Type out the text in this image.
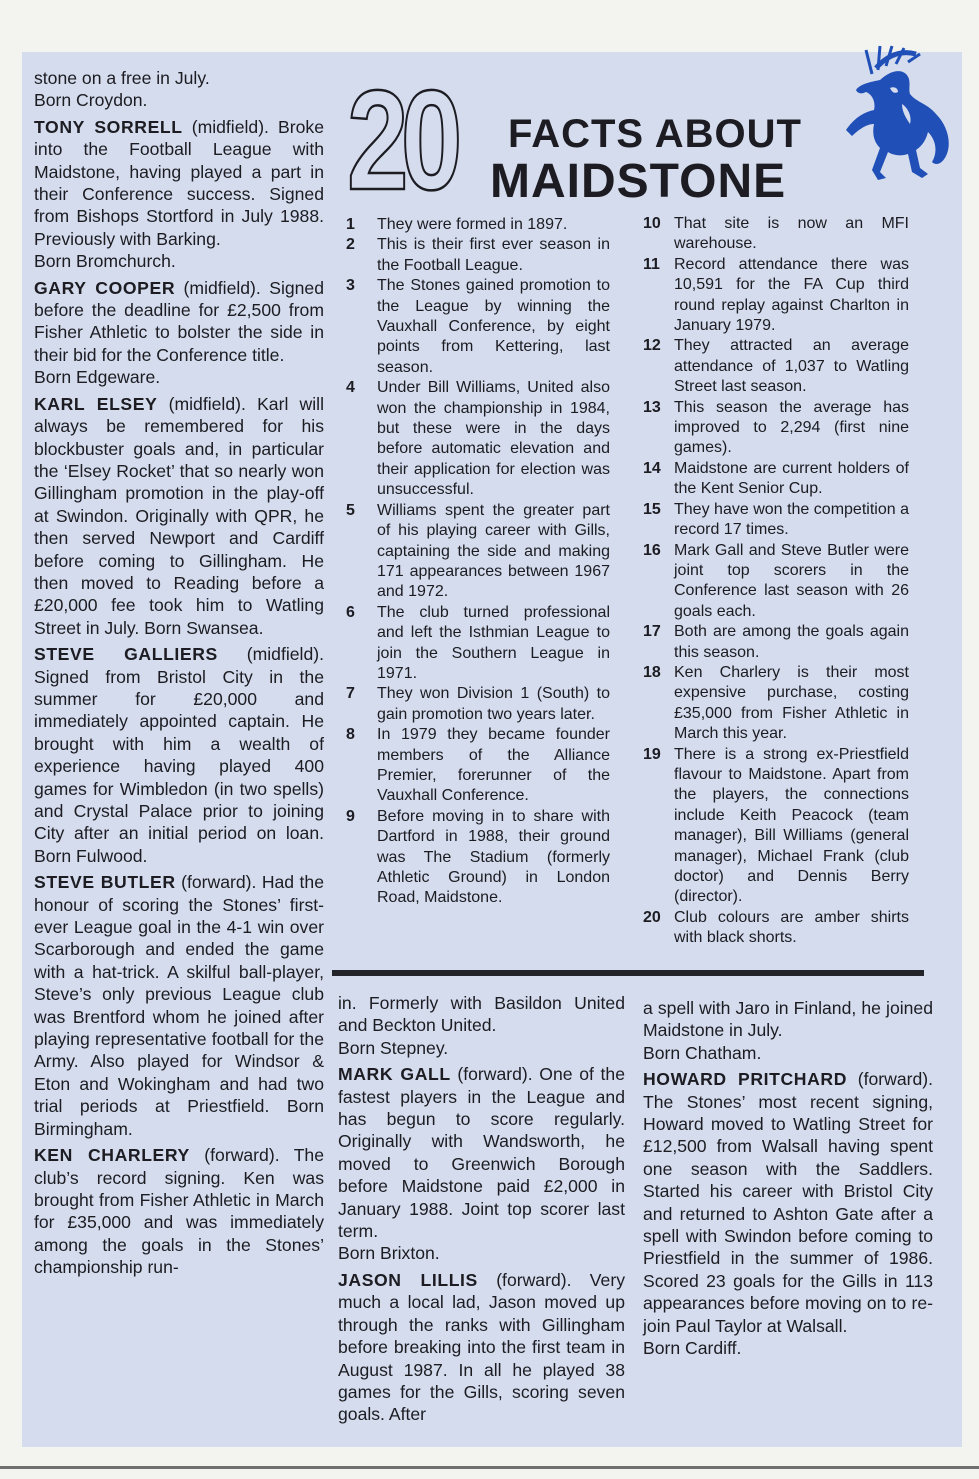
20 FACTS ABOUT
MAIDSTONE

stone on a free in July.
Born Croydon.

TONY SORRELL (midfield). Broke into the Football League with Maidstone, having played a part in their Conference success. Signed from Bishops Stortford in July 1988. Previously with Barking.
Born Bromchurch.

GARY COOPER (midfield). Signed before the deadline for £2,500 from Fisher Athletic to bolster the side in their bid for the Conference title.
Born Edgeware.

KARL ELSEY (midfield). Karl will always be remembered for his blockbuster goals and, in particular the ‘Elsey Rocket’ that so nearly won Gillingham promotion in the play-off at Swindon. Originally with QPR, he then served Newport and Cardiff before coming to Gillingham. He then moved to Reading before a £20,000 fee took him to Watling Street in July. Born Swansea.

STEVE GALLIERS (midfield). Signed from Bristol City in the summer for £20,000 and immediately appointed captain. He brought with him a wealth of experience having played 400 games for Wimbledon (in two spells) and Crystal Palace prior to joining City after an initial period on loan. Born Fulwood.

STEVE BUTLER (forward). Had the honour of scoring the Stones’ first-ever League goal in the 4-1 win over Scarborough and ended the game with a hat-trick. A skilful ball-player, Steve’s only previous League club was Brentford whom he joined after playing representative football for the Army. Also played for Windsor & Eton and Wokingham and had two trial periods at Priestfield. Born Birmingham.

KEN CHARLERY (forward). The club’s record signing. Ken was brought from Fisher Athletic in March for £35,000 and was immediately among the goals in the Stones’ championship run-

1	They were formed in 1897.
2	This is their first ever season in the Football League.
3	The Stones gained promotion to the League by winning the Vauxhall Conference, by eight points from Kettering, last season.
4	Under Bill Williams, United also won the championship in 1984, but these were in the days before automatic elevation and their application for election was unsuccessful.
5	Williams spent the greater part of his playing career with Gills, captaining the side and making 171 appearances between 1967 and 1972.
6	The club turned professional and left the Isthmian League to join the Southern League in 1971.
7	They won Division 1 (South) to gain promotion two years later.
8	In 1979 they became founder members of the Alliance Premier, forerunner of the Vauxhall Conference.
9	Before moving in to share with Dartford in 1988, their ground was The Stadium (formerly Athletic Ground) in London Road, Maidstone.
10 That site is now an MFI warehouse.
11 Record attendance there was 10,591 for the FA Cup third round replay against Charlton in January 1979.
12 They attracted an average attendance of 1,037 to Watling Street last season.
13 This season the average has improved to 2,294 (first nine games).
14 Maidstone are current holders of the Kent Senior Cup.
15 They have won the competition a record 17 times.
16 Mark Gall and Steve Butler were joint top scorers in the Conference last season with 26 goals each.
17 Both are among the goals again this season.
18 Ken Charlery is their most expensive purchase, costing £35,000 from Fisher Athletic in March this year.
19 There is a strong ex-Priestfield flavour to Maidstone. Apart from the players, the connections include Keith Peacock (team manager), Bill Williams (general manager), Michael Frank (club doctor) and Dennis Berry (director).
20 Club colours are amber shirts with black shorts.

in. Formerly with Basildon United and Beckton United.
Born Stepney.

MARK GALL (forward). One of the fastest players in the League and has begun to score regularly. Originally with Wandsworth, he moved to Greenwich Borough before Maidstone paid £2,000 in January 1988. Joint top scorer last term.
Born Brixton.

JASON LILLIS (forward). Very much a local lad, Jason moved up through the ranks with Gillingham before breaking into the first team in August 1987. In all he played 38 games for the Gills, scoring seven goals. After

a spell with Jaro in Finland, he joined Maidstone in July.
Born Chatham.

HOWARD PRITCHARD (forward). The Stones’ most recent signing, Howard moved to Watling Street for £12,500 from Walsall having spent one season with the Saddlers. Started his career with Bristol City and returned to Ashton Gate after a spell with Swindon before coming to Priestfield in the summer of 1986. Scored 23 goals for the Gills in 113 appearances before moving on to re-join Paul Taylor at Walsall.
Born Cardiff.
